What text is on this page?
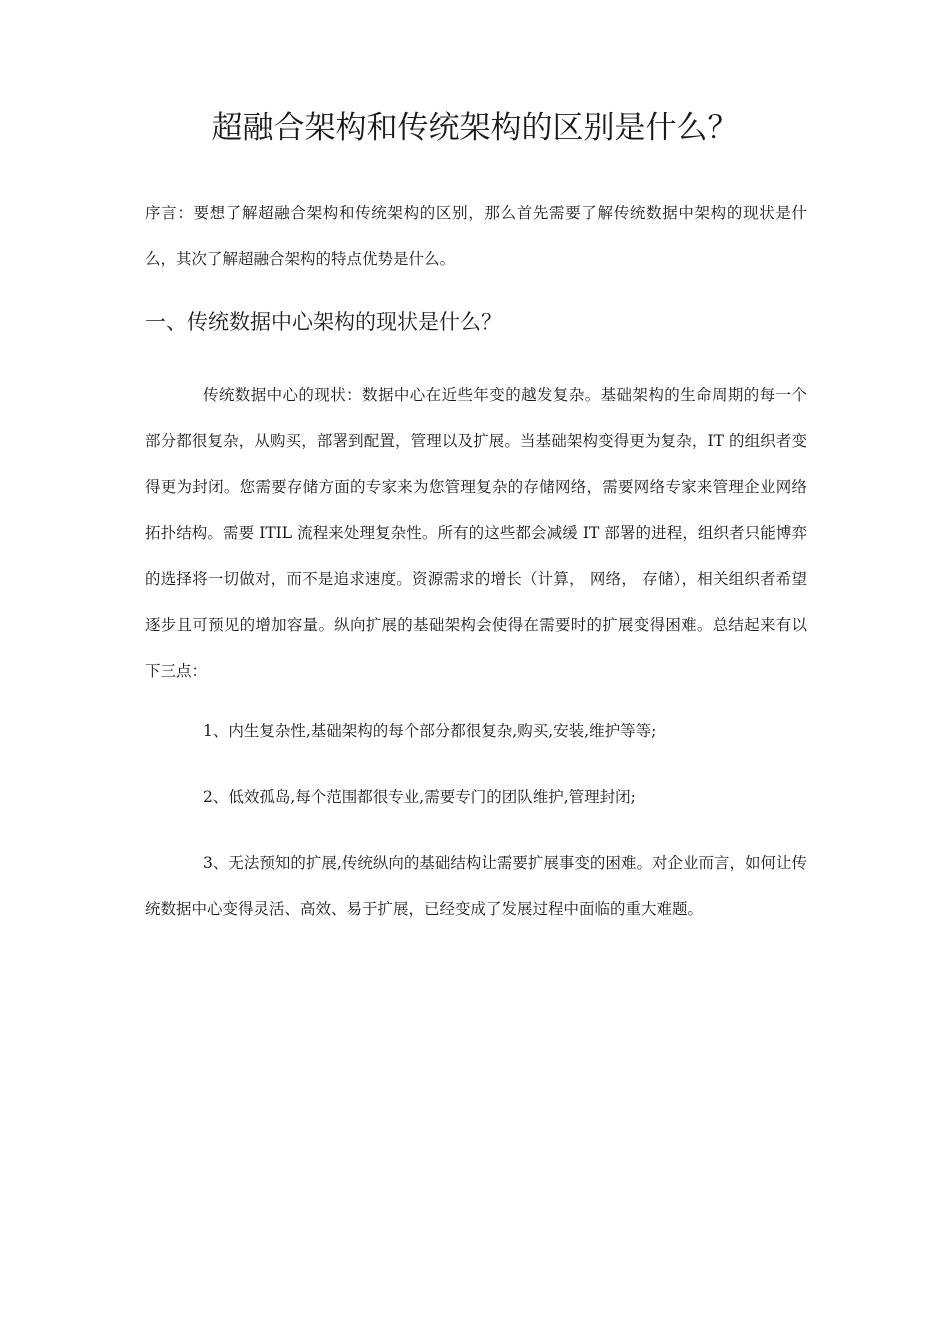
超融合架构和传统架构的区别是什么？

序言：要想了解超融合架构和传统架构的区别，那么首先需要了解传统数据中架构的现状是什么，其次了解超融合架构的特点优势是什么。

一、传统数据中心架构的现状是什么？

传统数据中心的现状：数据中心在近些年变的越发复杂。基础架构的生命周期的每一个部分都很复杂，从购买，部署到配置，管理以及扩展。当基础架构变得更为复杂，IT 的组织者变得更为封闭。您需要存储方面的专家来为您管理复杂的存储网络，需要网络专家来管理企业网络拓扑结构。需要 ITIL 流程来处理复杂性。所有的这些都会减缓 IT 部署的进程，组织者只能博弈的选择将一切做对，而不是追求速度。资源需求的增长（计算， 网络， 存储），相关组织者希望逐步且可预见的增加容量。纵向扩展的基础架构会使得在需要时的扩展变得困难。总结起来有以下三点：

1、内生复杂性,基础架构的每个部分都很复杂,购买,安装,维护等等;

2、低效孤岛,每个范围都很专业,需要专门的团队维护,管理封闭;

3、无法预知的扩展,传统纵向的基础结构让需要扩展事变的困难。对企业而言，如何让传统数据中心变得灵活、高效、易于扩展，已经变成了发展过程中面临的重大难题。
